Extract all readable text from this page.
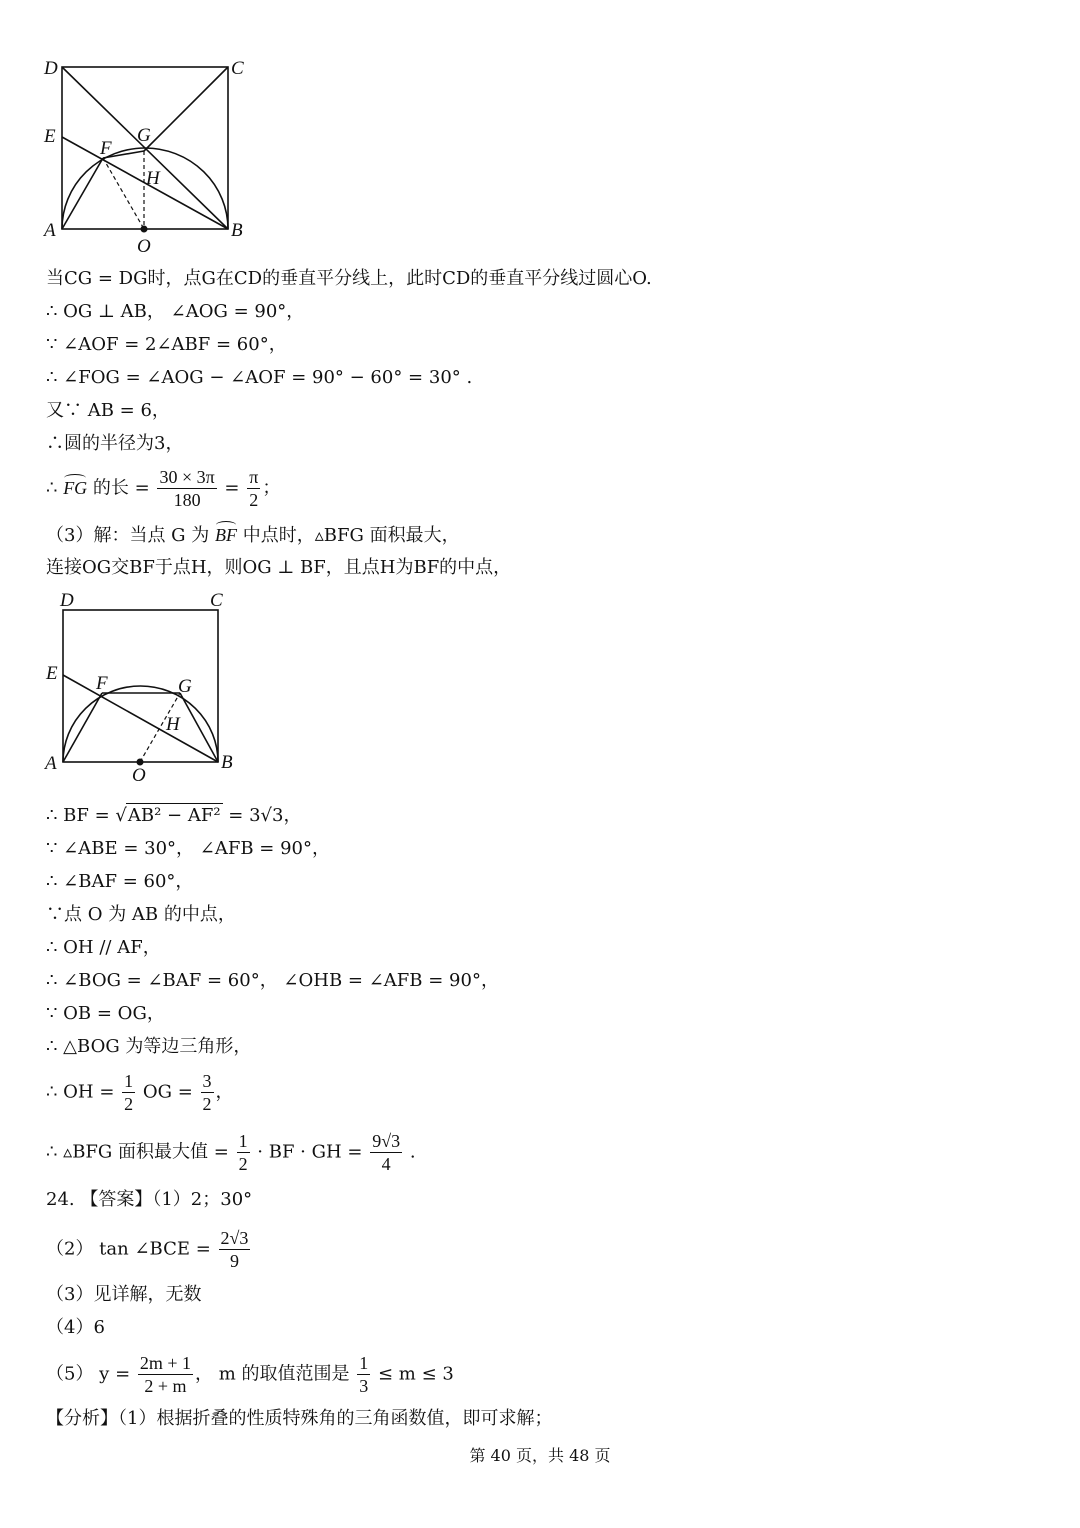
D	C
E	G
F
H
A	B
O
当CG = DG时，点G在CD的垂直平分线上，此时CD的垂直平分线过圆心O.
∴ OG ⊥ AB， ∠AOG = 90°，
∵ ∠AOF = 2∠ABF = 60°，
∴ ∠FOG = ∠AOG − ∠AOF = 90° − 60° = 30° .
又∵ AB = 6，
∴圆的半径为3，
∴ FG 的长 = $\frac{30 \times 3\pi}{180} = \frac{\pi}{2}$ ；
（3）解：当点 G 为 BF 中点时，▵BFG 面积最大，
连接OG交BF于点H，则OG ⊥ BF，且点H为BF的中点，
D	C
E F	G
H
A	B
O
∴ BF = √AB² − AF² = 3√3，
∵ ∠ABE = 30°， ∠AFB = 90°，
∴ ∠BAF = 60°，
∵点 O 为 AB 的中点，
∴ OH // AF，
∴ ∠BOG = ∠BAF = 60°， ∠OHB = ∠AFB = 90°，
∵ OB = OG，
∴ △BOG 为等边三角形，
∴ OH = $\frac{1}{2}$ OG = $\frac{3}{2}$ ，
∴ ▵BFG 面积最大值 = $\frac{1}{2}$ · BF · GH = $\frac{9√3}{4}$ .
24. 【答案】（1）2；30°
（2） tan ∠BCE = $\frac{2√3}{9}$
（3）见详解，无数
（4）6
（5） $y = \frac{2m + 1}{2 + m}$ ， m 的取值范围是 $\frac{1}{3} \le m \le 3$
【分析】（1）根据折叠的性质特殊角的三角函数值，即可求解；
第 40 页，共 48 页
